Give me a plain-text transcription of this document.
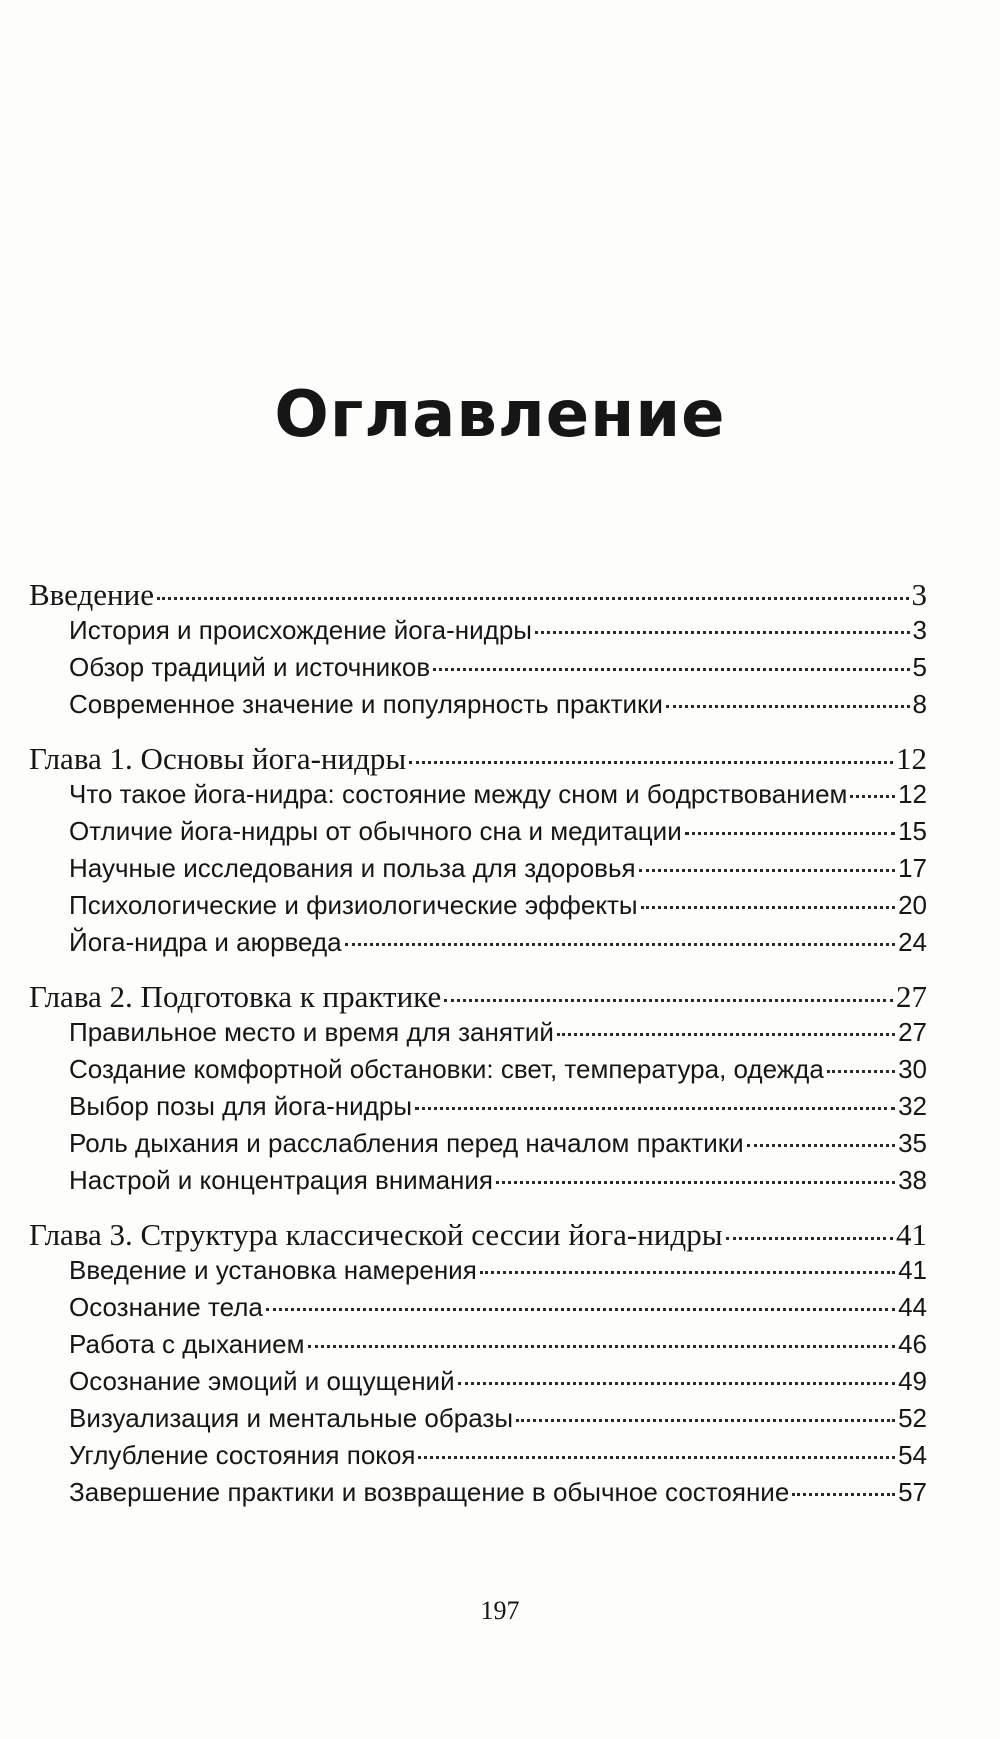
Оглавление
Введение	3
История и происхождение йога-нидры	3
Обзор традиций и источников	5
Современное значение и популярность практики	8
Глава 1. Основы йога-нидры	12
Что такое йога-нидра: состояние между сном и бодрствованием 12
Отличие йога-нидры от обычного сна и медитации	15
Научные исследования и польза для здоровья	17
Психологические и физиологические эффекты	20
Йога-нидра и аюрведа	24
Глава 2. Подготовка к практике	27
Правильное место и время для занятий	27
Создание комфортной обстановки: свет, температура, одежда	30
Выбор позы для йога-нидры	32
Роль дыхания и расслабления перед началом практики	35
Настрой и концентрация внимания	38
Глава 3. Структура классической сессии йога-нидры	41
Введение и установка намерения	41
Осознание тела	44
Работа с дыханием	46
Осознание эмоций и ощущений	49
Визуализация и ментальные образы	52
Углубление состояния покоя	54
Завершение практики и возвращение в обычное состояние	57
197
